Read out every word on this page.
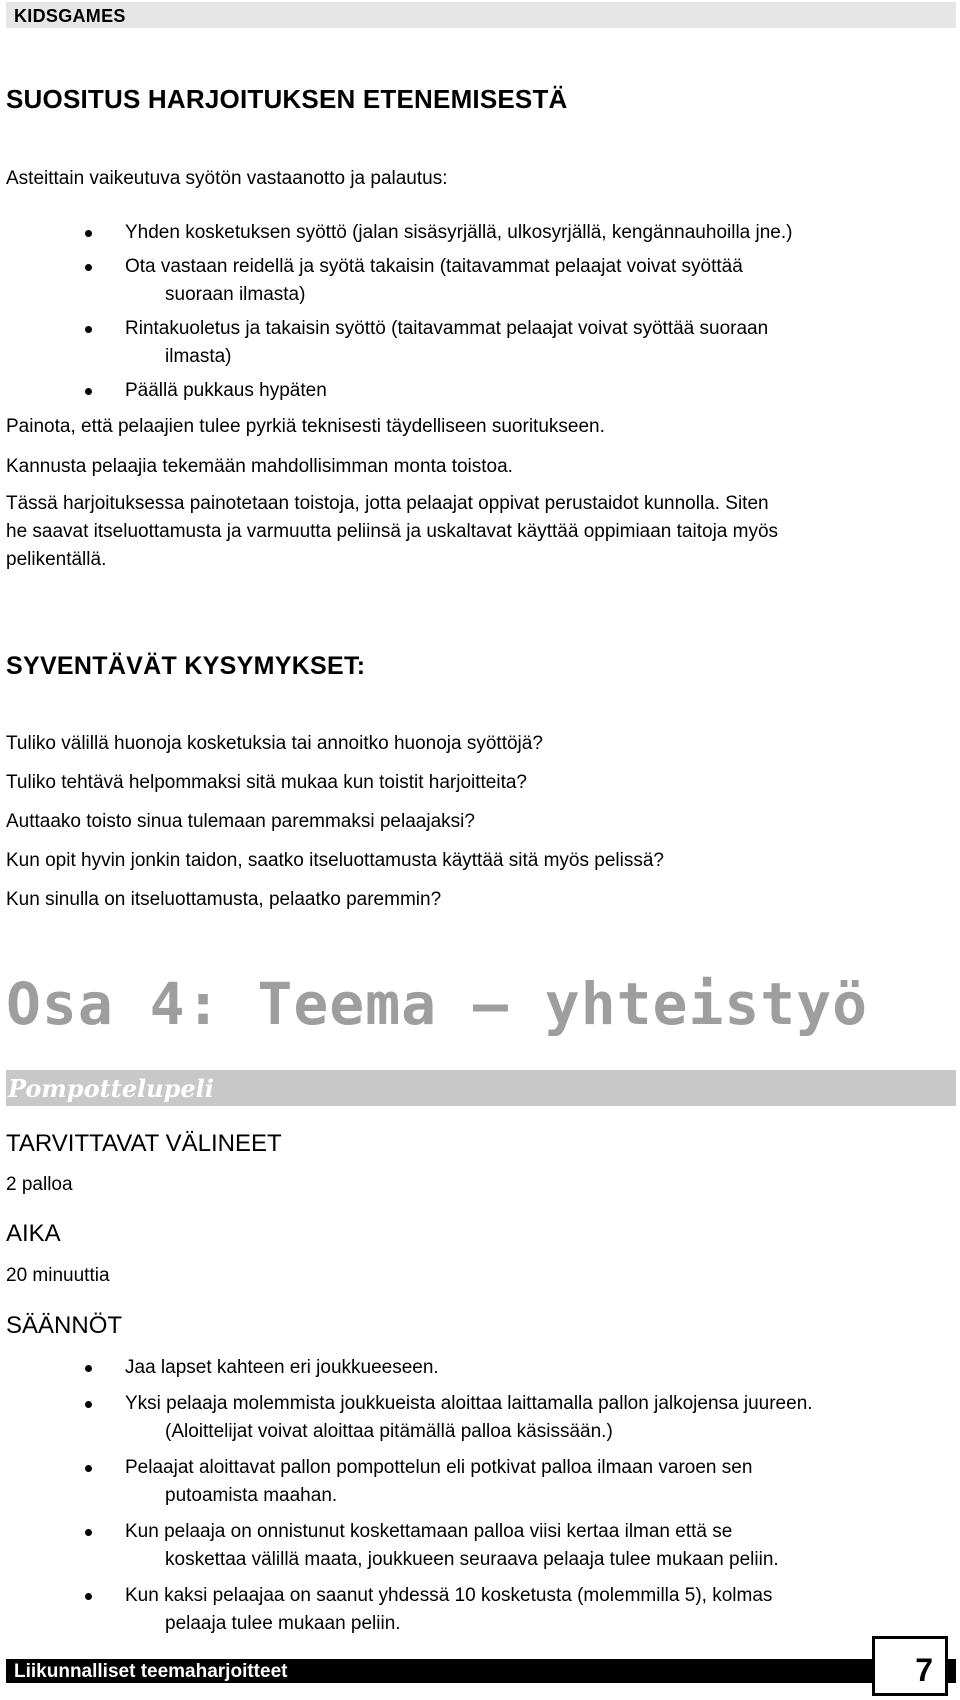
KIDSGAMES
SUOSITUS HARJOITUKSEN ETENEMISESTÄ
Asteittain vaikeutuva syötön vastaanotto ja palautus:
Yhden kosketuksen syöttö (jalan sisäsyrjällä, ulkosyrjällä, kengännauhoilla jne.)
Ota vastaan reidellä ja syötä takaisin (taitavammat pelaajat voivat syöttää
suoraan ilmasta)
Rintakuoletus ja takaisin syöttö (taitavammat pelaajat voivat syöttää suoraan
ilmasta)
Päällä pukkaus hypäten
Painota, että pelaajien tulee pyrkiä teknisesti täydelliseen suoritukseen.
Kannusta pelaajia tekemään mahdollisimman monta toistoa.
Tässä harjoituksessa painotetaan toistoja, jotta pelaajat oppivat perustaidot kunnolla. Siten
he saavat itseluottamusta ja varmuutta peliinsä ja uskaltavat käyttää oppimiaan taitoja myös
pelikentällä.
SYVENTÄVÄT KYSYMYKSET:
Tuliko välillä huonoja kosketuksia tai annoitko huonoja syöttöjä?
Tuliko tehtävä helpommaksi sitä mukaa kun toistit harjoitteita?
Auttaako toisto sinua tulemaan paremmaksi pelaajaksi?
Kun opit hyvin jonkin taidon, saatko itseluottamusta käyttää sitä myös pelissä?
Kun sinulla on itseluottamusta, pelaatko paremmin?
Osa 4: Teema – yhteistyö
Pompottelupeli
TARVITTAVAT VÄLINEET
2 palloa
AIKA
20 minuuttia
SÄÄNNÖT
Jaa lapset kahteen eri joukkueeseen.
Yksi pelaaja molemmista joukkueista aloittaa laittamalla pallon jalkojensa juureen.
(Aloittelijat voivat aloittaa pitämällä palloa käsissään.)
Pelaajat aloittavat pallon pompottelun eli potkivat palloa ilmaan varoen sen
putoamista maahan.
Kun pelaaja on onnistunut koskettamaan palloa viisi kertaa ilman että se
koskettaa välillä maata, joukkueen seuraava pelaaja tulee mukaan peliin.
Kun kaksi pelaajaa on saanut yhdessä 10 kosketusta (molemmilla 5), kolmas
pelaaja tulee mukaan peliin.
Liikunnalliset teemaharjoitteet	7
